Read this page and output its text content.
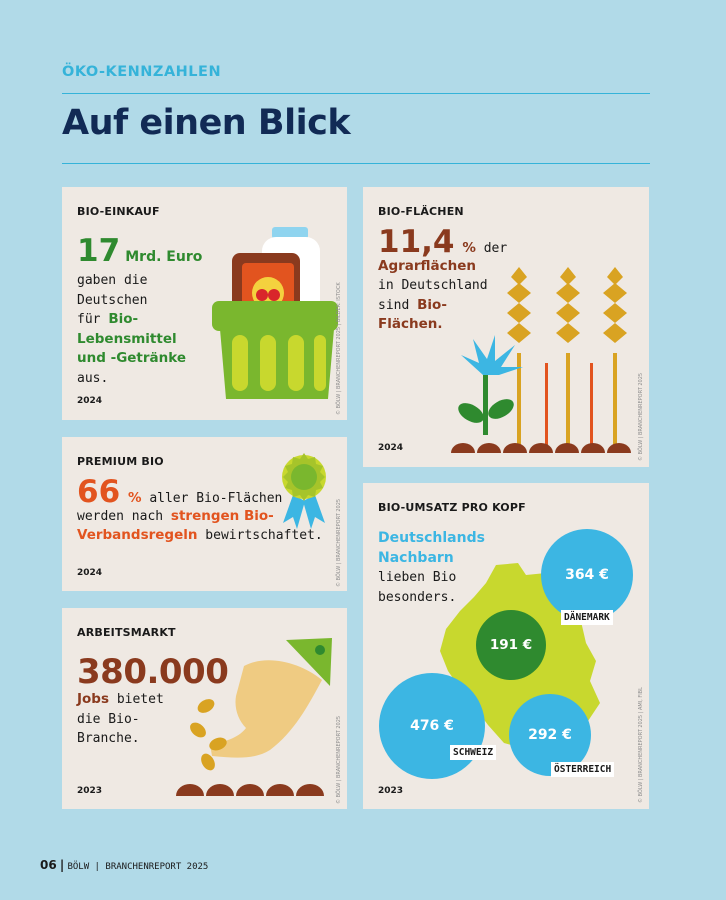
ÖKO-KENNZAHLEN
Auf einen Blick
BIO-EINKAUF
17 Mrd. Euro
gaben die
Deutschen
für Bio-
Lebensmittel
und -Getränke
aus.
2024	© BÖLW | BRANCHENREPORT 2025 | BILDER: ISTOCK
BIO-FLÄCHEN
11,4 % der
Agrarflächen
in Deutschland
sind Bio-
Flächen.
2024	© BÖLW | BRANCHENREPORT 2025
PREMIUM BIO
66 % aller Bio-Flächen
werden nach strengen Bio-
Verbandsregeln bewirtschaftet.
2024	© BÖLW | BRANCHENREPORT 2025
ARBEITSMARKT
380.000
Jobs bietet
die Bio-
Branche.
2023	© BÖLW | BRANCHENREPORT 2025
BIO-UMSATZ PRO KOPF
364 €
191 €
476 €
292 €
DÄNEMARK
SCHWEIZ
ÖSTERREICH
Deutschlands
Nachbarn
lieben Bio
besonders.
2023	© BÖLW | BRANCHENREPORT 2025 | AMI, FIBL
06 | BÖLW | BRANCHENREPORT 2025
